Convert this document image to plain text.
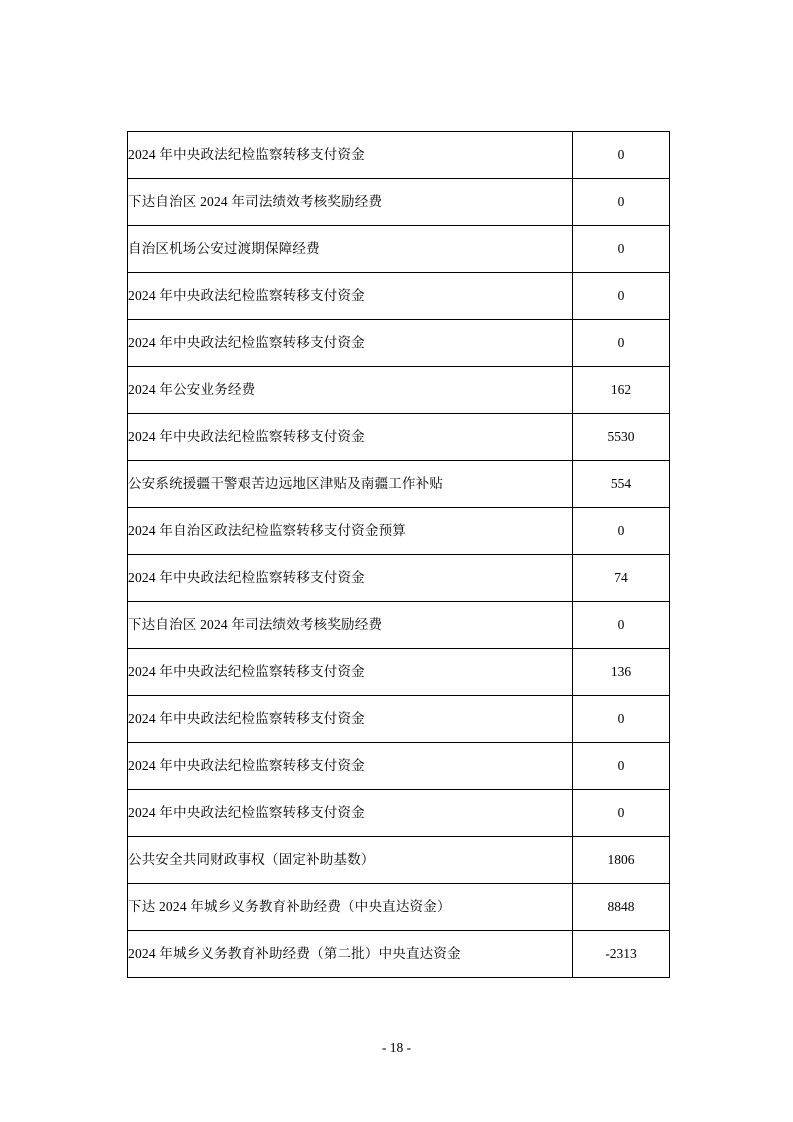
2024 年中央政法纪检监察转移支付资金	0
下达自治区 2024 年司法绩效考核奖励经费	0
自治区机场公安过渡期保障经费	0
2024 年中央政法纪检监察转移支付资金	0
2024 年中央政法纪检监察转移支付资金	0
2024 年公安业务经费	162
2024 年中央政法纪检监察转移支付资金	5530
公安系统援疆干警艰苦边远地区津贴及南疆工作补贴	554
2024 年自治区政法纪检监察转移支付资金预算	0
2024 年中央政法纪检监察转移支付资金	74
下达自治区 2024 年司法绩效考核奖励经费	0
2024 年中央政法纪检监察转移支付资金	136
2024 年中央政法纪检监察转移支付资金	0
2024 年中央政法纪检监察转移支付资金	0
2024 年中央政法纪检监察转移支付资金	0
公共安全共同财政事权（固定补助基数）	1806
下达 2024 年城乡义务教育补助经费（中央直达资金）	8848
2024 年城乡义务教育补助经费（第二批）中央直达资金	-2313
- 18 -
